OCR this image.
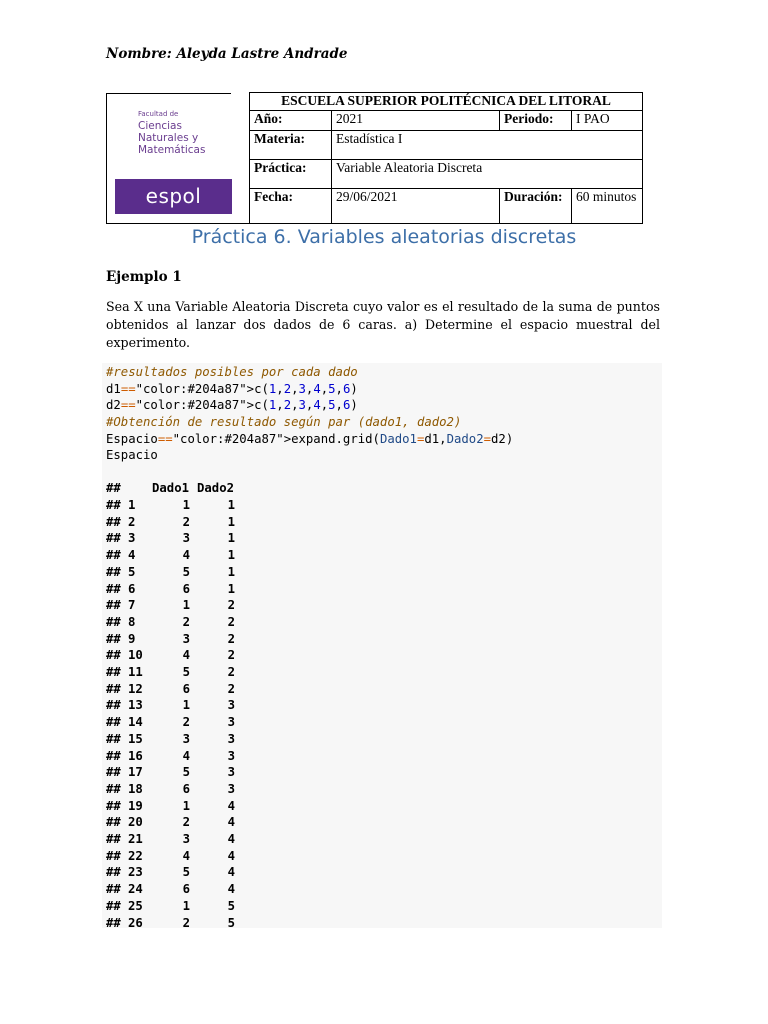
Nombre: Aleyda Lastre Andrade
Facultad de
Ciencias
Naturales y
Matemáticas
espol	ESCUELA SUPERIOR POLITÉCNICA DEL LITORAL			
	Año:	2021	Periodo:	I PAO
	Materia:	Estadística I		
	Práctica:	Variable Aleatoria Discreta		
	Fecha:	29/06/2021	Duración:	60 minutos
Práctica 6. Variables aleatorias discretas
Ejemplo 1
Sea X una Variable Aleatoria Discreta cuyo valor es el resultado de la suma de puntos obtenidos al lanzar dos dados de 6 caras. a) Determine el espacio muestral del experimento.
#resultados posibles por cada dado
d1=="color:#204a87">c(1,2,3,4,5,6)
d2=="color:#204a87">c(1,2,3,4,5,6)
#Obtención de resultado según par (dado1, dado2)
Espacio=="color:#204a87">expand.grid(Dado1=d1,Dado2=d2)
Espacio
##	Dado1 Dado2
## 1	1	1
## 2	2	1
## 3	3	1
## 4	4	1
## 5	5	1
## 6	6	1
## 7	1	2
## 8	2	2
## 9	3	2
## 10	4	2
## 11	5	2
## 12	6	2
## 13	1	3
## 14	2	3
## 15	3	3
## 16	4	3
## 17	5	3
## 18	6	3
## 19	1	4
## 20	2	4
## 21	3	4
## 22	4	4
## 23	5	4
## 24	6	4
## 25	1	5
## 26	2	5
